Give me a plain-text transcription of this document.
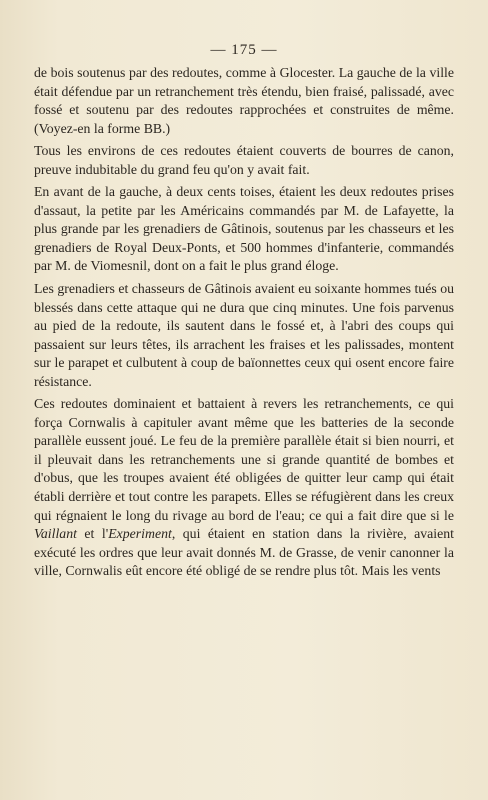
— 175 —

de bois soutenus par des redoutes, comme à Glocester. La gauche de la ville était défendue par un retranchement très étendu, bien fraisé, palissadé, avec fossé et soutenu par des redoutes rapprochées et construites de même. (Voyez-en la forme BB.)

Tous les environs de ces redoutes étaient couverts de bourres de canon, preuve indubitable du grand feu qu'on y avait fait.

En avant de la gauche, à deux cents toises, étaient les deux redoutes prises d'assaut, la petite par les Américains commandés par M. de Lafayette, la plus grande par les grenadiers de Gâtinois, soutenus par les chasseurs et les grenadiers de Royal Deux-Ponts, et 500 hommes d'infanterie, commandés par M. de Viomesnil, dont on a fait le plus grand éloge.

Les grenadiers et chasseurs de Gâtinois avaient eu soixante hommes tués ou blessés dans cette attaque qui ne dura que cinq minutes. Une fois parvenus au pied de la redoute, ils sautent dans le fossé et, à l'abri des coups qui passaient sur leurs têtes, ils arrachent les fraises et les palissades, montent sur le parapet et culbutent à coup de baïonnettes ceux qui osent encore faire résistance.

Ces redoutes dominaient et battaient à revers les retranchements, ce qui força Cornwalis à capituler avant même que les batteries de la seconde parallèle eussent joué. Le feu de la première parallèle était si bien nourri, et il pleuvait dans les retranchements une si grande quantité de bombes et d'obus, que les troupes avaient été obligées de quitter leur camp qui était établi derrière et tout contre les parapets. Elles se réfugièrent dans les creux qui régnaient le long du rivage au bord de l'eau; ce qui a fait dire que si le Vaillant et l'Experiment, qui étaient en station dans la rivière, avaient exécuté les ordres que leur avait donnés M. de Grasse, de venir canonner la ville, Cornwalis eût encore été obligé de se rendre plus tôt. Mais les vents
